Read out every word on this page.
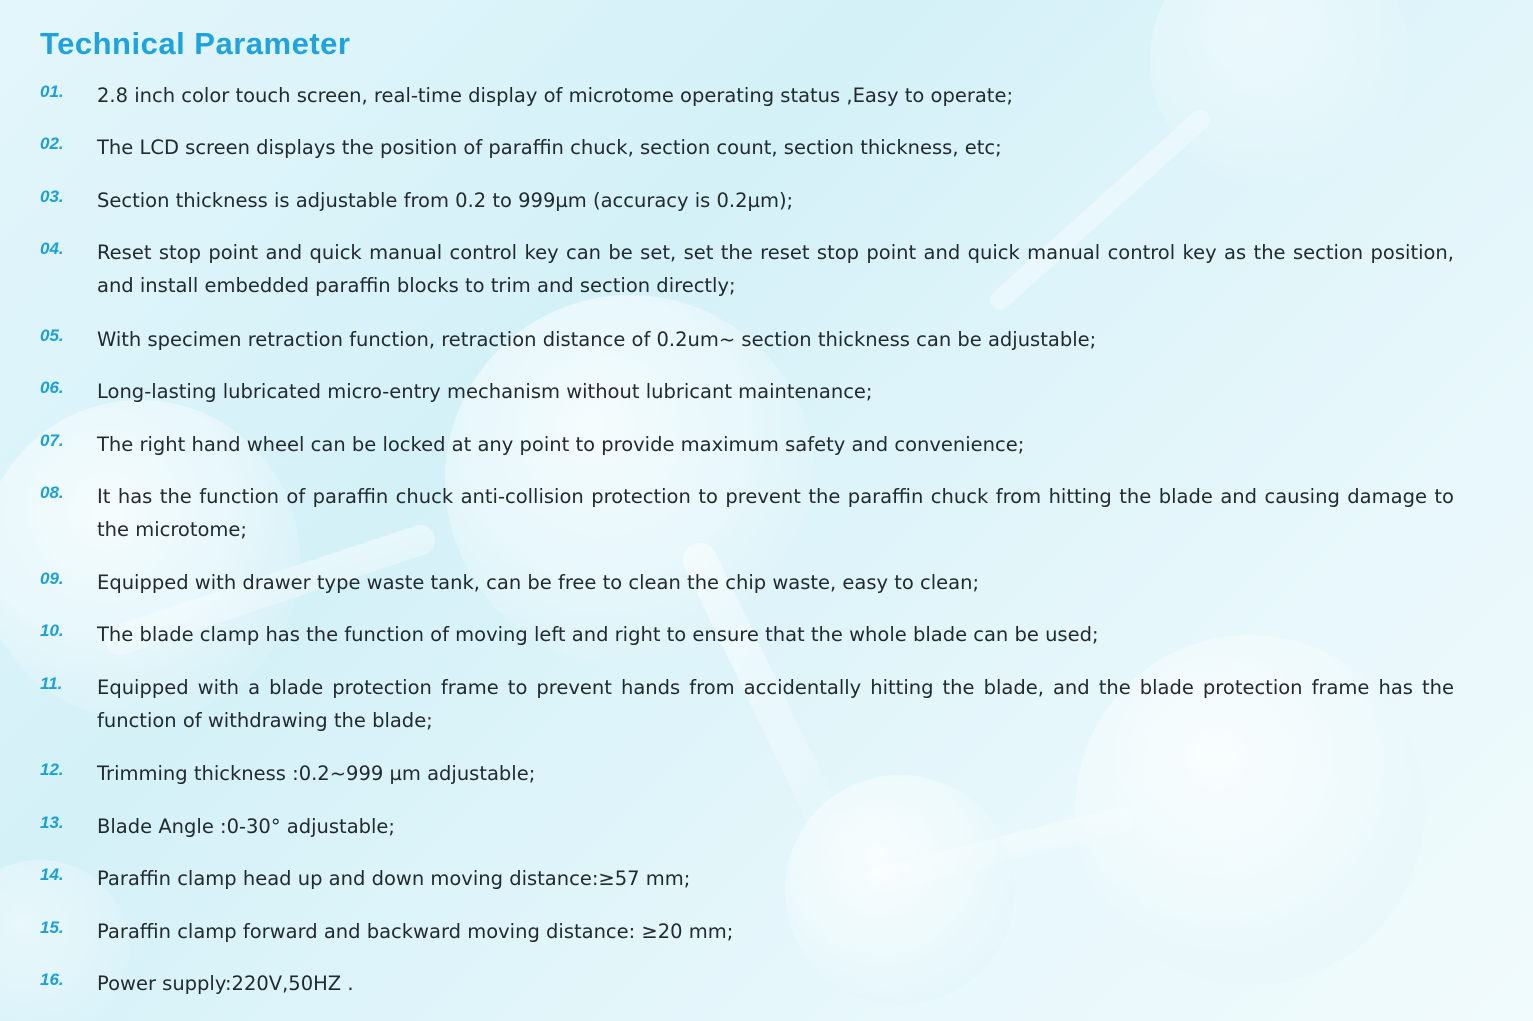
Technical Parameter
01. 2.8 inch color touch screen, real-time display of microtome operating status ,Easy to operate;
02. The LCD screen displays the position of paraffin chuck, section count, section thickness, etc;
03. Section thickness is adjustable from 0.2 to 999µm (accuracy is 0.2µm);
04. Reset stop point and quick manual control key can be set, set the reset stop point and quick manual control key as the section position, and install embedded paraffin blocks to trim and section directly;
05. With specimen retraction function, retraction distance of 0.2um~ section thickness can be adjustable;
06. Long-lasting lubricated micro-entry mechanism without lubricant maintenance;
07. The right hand wheel can be locked at any point to provide maximum safety and convenience;
08. It has the function of paraffin chuck anti-collision protection to prevent the paraffin chuck from hitting the blade and causing damage to the microtome;
09. Equipped with drawer type waste tank, can be free to clean the chip waste, easy to clean;
10. The blade clamp has the function of moving left and right to ensure that the whole blade can be used;
11. Equipped with a blade protection frame to prevent hands from accidentally hitting the blade, and the blade protection frame has the function of withdrawing the blade;
12. Trimming thickness :0.2~999 µm adjustable;
13. Blade Angle :0-30° adjustable;
14. Paraffin clamp head up and down moving distance:≥57 mm;
15. Paraffin clamp forward and backward moving distance: ≥20 mm;
16. Power supply:220V,50HZ .
